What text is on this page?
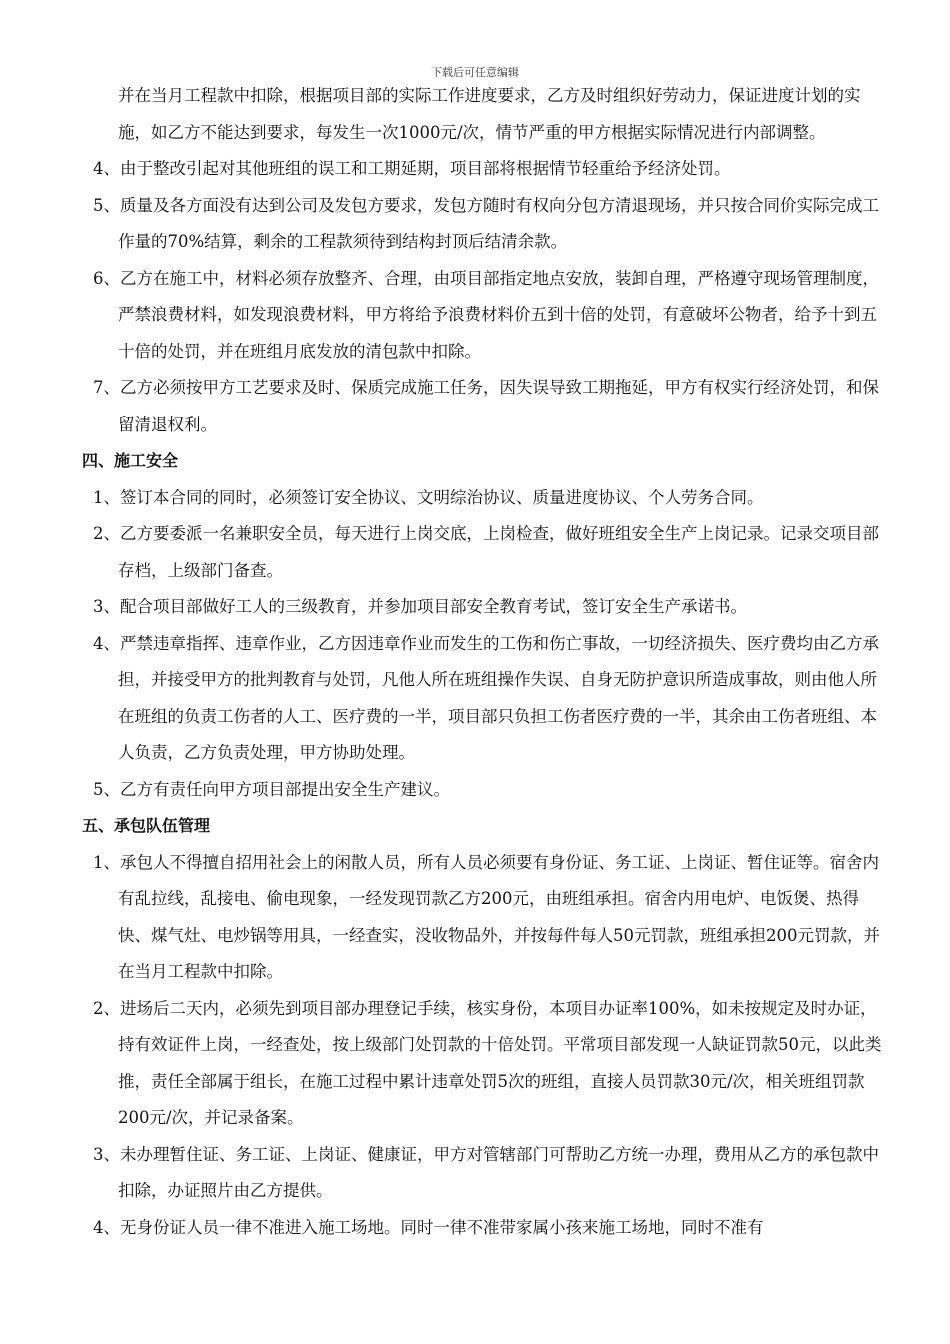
下载后可任意编辑

并在当月工程款中扣除，根据项目部的实际工作进度要求，乙方及时组织好劳动力，保证进度计划的实施，如乙方不能达到要求，每发生一次1000元/次，情节严重的甲方根据实际情况进行内部调整。

4、由于整改引起对其他班组的误工和工期延期，项目部将根据情节轻重给予经济处罚。

5、质量及各方面没有达到公司及发包方要求，发包方随时有权向分包方清退现场，并只按合同价实际完成工作量的70%结算，剩余的工程款须待到结构封顶后结清余款。

6、乙方在施工中，材料必须存放整齐、合理，由项目部指定地点安放，装卸自理，严格遵守现场管理制度，严禁浪费材料，如发现浪费材料，甲方将给予浪费材料价五到十倍的处罚，有意破坏公物者，给予十到五十倍的处罚，并在班组月底发放的清包款中扣除。

7、乙方必须按甲方工艺要求及时、保质完成施工任务，因失误导致工期拖延，甲方有权实行经济处罚，和保留清退权利。

四、施工安全

1、签订本合同的同时，必须签订安全协议、文明综治协议、质量进度协议、个人劳务合同。

2、乙方要委派一名兼职安全员，每天进行上岗交底，上岗检查，做好班组安全生产上岗记录。记录交项目部存档，上级部门备查。

3、配合项目部做好工人的三级教育，并参加项目部安全教育考试，签订安全生产承诺书。

4、严禁违章指挥、违章作业，乙方因违章作业而发生的工伤和伤亡事故，一切经济损失、医疗费均由乙方承担，并接受甲方的批判教育与处罚，凡他人所在班组操作失误、自身无防护意识所造成事故，则由他人所在班组的负责工伤者的人工、医疗费的一半，项目部只负担工伤者医疗费的一半，其余由工伤者班组、本人负责，乙方负责处理，甲方协助处理。

5、乙方有责任向甲方项目部提出安全生产建议。

五、承包队伍管理

1、承包人不得擅自招用社会上的闲散人员，所有人员必须要有身份证、务工证、上岗证、暂住证等。宿舍内有乱拉线，乱接电、偷电现象，一经发现罚款乙方200元，由班组承担。宿舍内用电炉、电饭煲、热得快、煤气灶、电炒锅等用具，一经查实，没收物品外，并按每件每人50元罚款，班组承担200元罚款，并在当月工程款中扣除。

2、进场后二天内，必须先到项目部办理登记手续，核实身份，本项目办证率100%，如未按规定及时办证，持有效证件上岗，一经查处，按上级部门处罚款的十倍处罚。平常项目部发现一人缺证罚款50元，以此类推，责任全部属于组长，在施工过程中累计违章处罚5次的班组，直接人员罚款30元/次，相关班组罚款200元/次，并记录备案。

3、未办理暂住证、务工证、上岗证、健康证，甲方对管辖部门可帮助乙方统一办理，费用从乙方的承包款中扣除，办证照片由乙方提供。

4、无身份证人员一律不准进入施工场地。同时一律不准带家属小孩来施工场地，同时不准有
